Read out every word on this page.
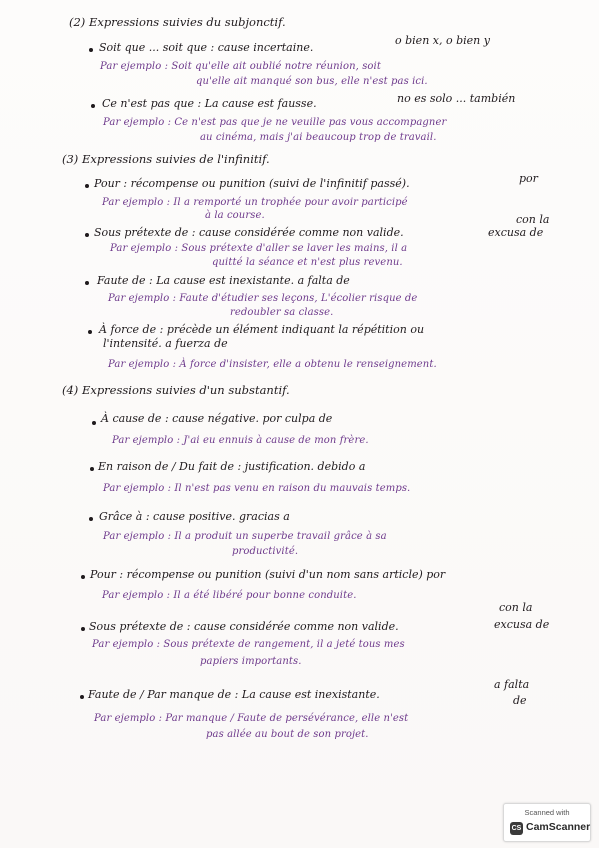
(2) Expressions suivies du subjonctif.
Soit que ... soit que : cause incertaine.
o bien x, o bien y
Par ejemplo : Soit qu'elle ait oublié notre réunion, soit
qu'elle ait manqué son bus, elle n'est pas ici.
Ce n'est pas que : La cause est fausse.	no es solo ... también
Par ejemplo : Ce n'est pas que je ne veuille pas vous accompagner
au cinéma, mais j'ai beaucoup trop de travail.
(3) Expressions suivies de l'infinitif.
Pour : récompense ou punition (suivi de l'infinitif passé).	por
Par ejemplo : Il a remporté un trophée pour avoir participé
à la course.
Sous prétexte de : cause considérée comme non valide.
con la
excusa de
Par ejemplo : Sous prétexte d'aller se laver les mains, il a
quitté la séance et n'est plus revenu.
Faute de : La cause est inexistante. a falta de
Par ejemplo : Faute d'étudier ses leçons, L'écolier risque de
redoubler sa classe.
À force de : précède un élément indiquant la répétition ou
l'intensité. a fuerza de
Par ejemplo : À force d'insister, elle a obtenu le renseignement.
(4) Expressions suivies d'un substantif.
À cause de : cause négative. por culpa de
Par ejemplo : J'ai eu ennuis à cause de mon frère.
En raison de / Du fait de : justification. debido a
Par ejemplo : Il n'est pas venu en raison du mauvais temps.
Grâce à : cause positive. gracias a
Par ejemplo : Il a produit un superbe travail grâce à sa
productivité.
Pour : récompense ou punition (suivi d'un nom sans article) por
Par ejemplo : Il a été libéré pour bonne conduite.
Sous prétexte de : cause considérée comme non valide.
con la
excusa de
Par ejemplo : Sous prétexte de rangement, il a jeté tous mes
papiers importants.
Faute de / Par manque de : La cause est inexistante.
a falta
de
Par ejemplo : Par manque / Faute de persévérance, elle n'est
pas allée au bout de son projet.
Scanned with
CS CamScanner
